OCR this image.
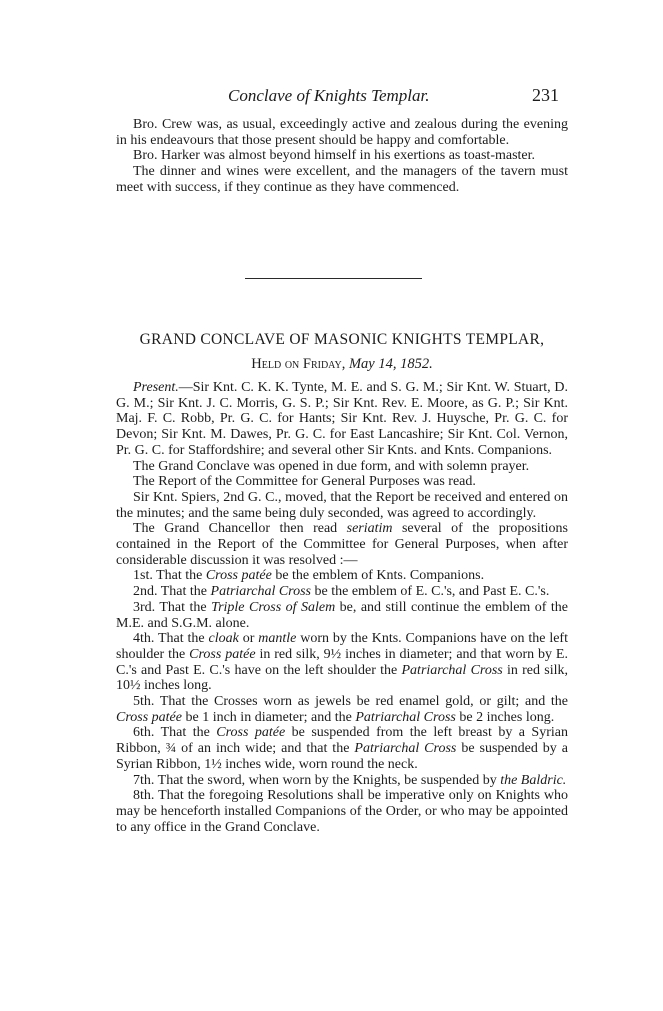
Conclave of Knights Templar.	231

Bro. Crew was, as usual, exceedingly active and zealous during the evening in his endeavours that those present should be happy and comfortable.

Bro. Harker was almost beyond himself in his exertions as toast-master.

The dinner and wines were excellent, and the managers of the tavern must meet with success, if they continue as they have commenced.

GRAND CONCLAVE OF MASONIC KNIGHTS TEMPLAR,
Held on Friday, May 14, 1852.

Present.—Sir Knt. C. K. K. Tynte, M. E. and S. G. M.; Sir Knt. W. Stuart, D. G. M.; Sir Knt. J. C. Morris, G. S. P.; Sir Knt. Rev. E. Moore, as G. P.; Sir Knt. Maj. F. C. Robb, Pr. G. C. for Hants; Sir Knt. Rev. J. Huysche, Pr. G. C. for Devon; Sir Knt. M. Dawes, Pr. G. C. for East Lancashire; Sir Knt. Col. Vernon, Pr. G. C. for Staffordshire; and several other Sir Knts. and Knts. Companions.

The Grand Conclave was opened in due form, and with solemn prayer.

The Report of the Committee for General Purposes was read.

Sir Knt. Spiers, 2nd G. C., moved, that the Report be received and entered on the minutes; and the same being duly seconded, was agreed to accordingly.

The Grand Chancellor then read seriatim several of the propositions contained in the Report of the Committee for General Purposes, when after considerable discussion it was resolved :—

1st. That the Cross patée be the emblem of Knts. Companions.

2nd. That the Patriarchal Cross be the emblem of E. C.'s, and Past E. C.'s.

3rd. That the Triple Cross of Salem be, and still continue the emblem of the M.E. and S.G.M. alone.

4th. That the cloak or mantle worn by the Knts. Companions have on the left shoulder the Cross patée in red silk, 9½ inches in diameter; and that worn by E. C.'s and Past E. C.'s have on the left shoulder the Patriarchal Cross in red silk, 10½ inches long.

5th. That the Crosses worn as jewels be red enamel gold, or gilt; and the Cross patée be 1 inch in diameter; and the Patriarchal Cross be 2 inches long.

6th. That the Cross patée be suspended from the left breast by a Syrian Ribbon, ¾ of an inch wide; and that the Patriarchal Cross be suspended by a Syrian Ribbon, 1½ inches wide, worn round the neck.

7th. That the sword, when worn by the Knights, be suspended by the Baldric.

8th. That the foregoing Resolutions shall be imperative only on Knights who may be henceforth installed Companions of the Order, or who may be appointed to any office in the Grand Conclave.
